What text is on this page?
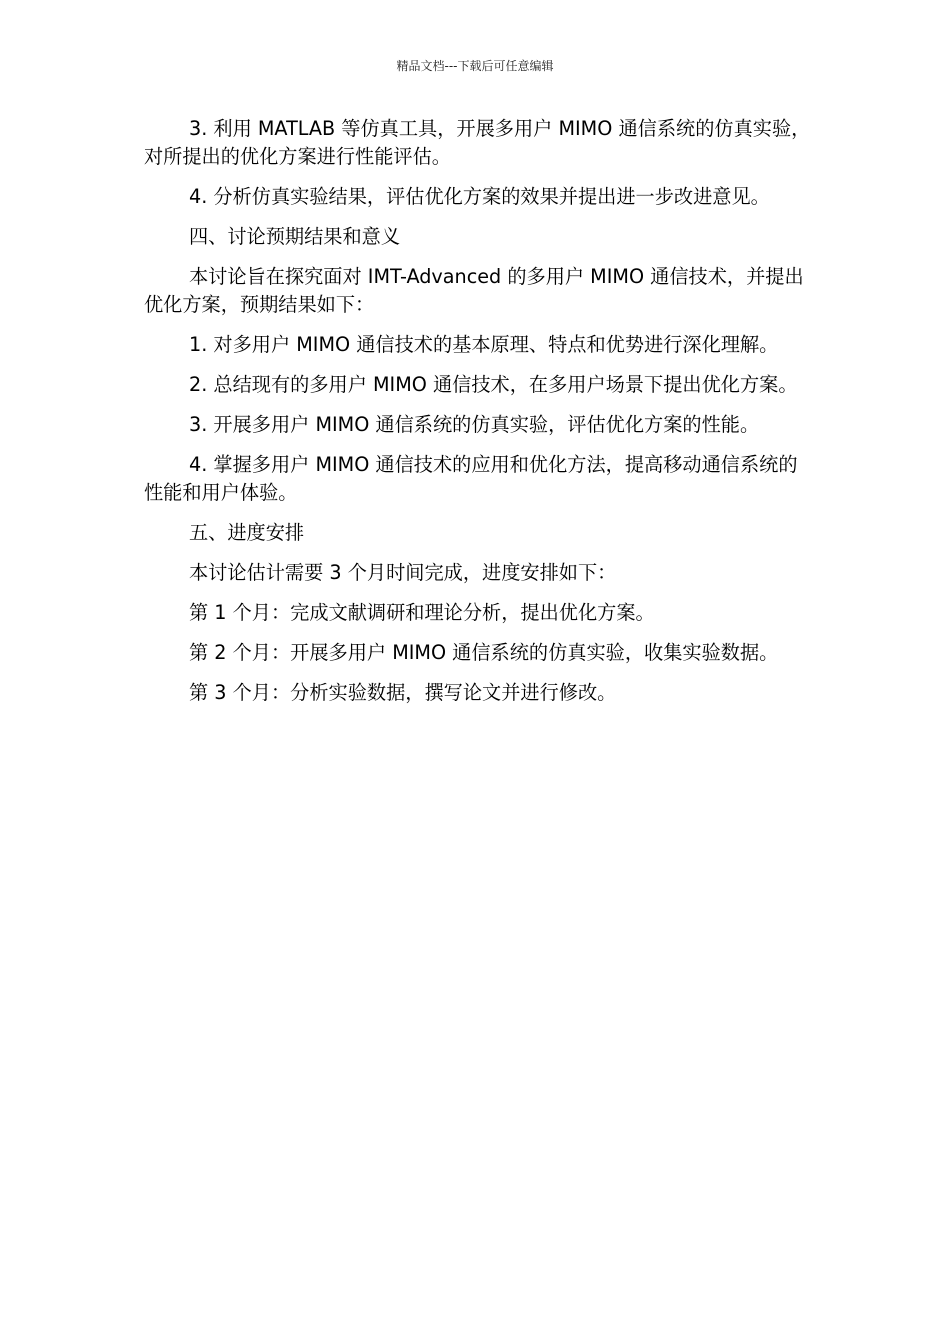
精品文档---下载后可任意编辑

3. 利用 MATLAB 等仿真工具，开展多用户 MIMO 通信系统的仿真实验，对所提出的优化方案进行性能评估。

4. 分析仿真实验结果，评估优化方案的效果并提出进一步改进意见。

四、讨论预期结果和意义

本讨论旨在探究面对 IMT-Advanced 的多用户 MIMO 通信技术，并提出优化方案，预期结果如下：

1. 对多用户 MIMO 通信技术的基本原理、特点和优势进行深化理解。

2. 总结现有的多用户 MIMO 通信技术，在多用户场景下提出优化方案。

3. 开展多用户 MIMO 通信系统的仿真实验，评估优化方案的性能。

4. 掌握多用户 MIMO 通信技术的应用和优化方法，提高移动通信系统的性能和用户体验。

五、进度安排

本讨论估计需要 3 个月时间完成，进度安排如下：

第 1 个月：完成文献调研和理论分析，提出优化方案。

第 2 个月：开展多用户 MIMO 通信系统的仿真实验，收集实验数据。

第 3 个月：分析实验数据，撰写论文并进行修改。
